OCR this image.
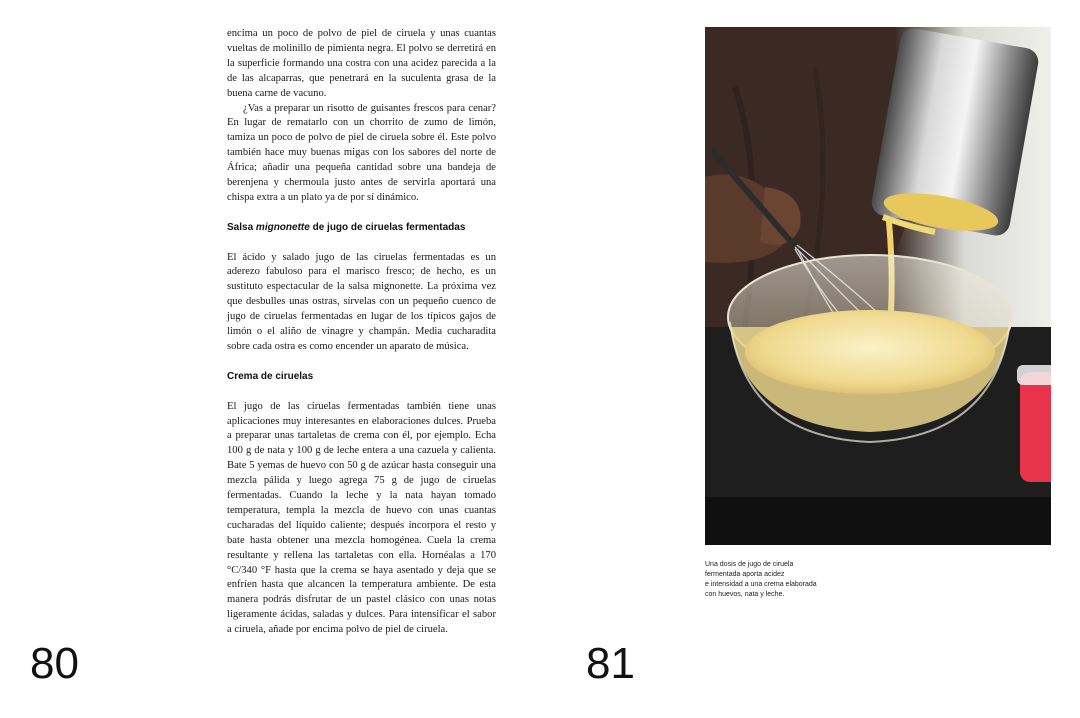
encima un poco de polvo de piel de ciruela y unas cuantas vueltas de molinillo de pimienta negra. El polvo se derretirá en la superficie formando una costra con una acidez parecida a la de las alcaparras, que penetrará en la suculenta grasa de la buena carne de vacuno.

¿Vas a preparar un risotto de guisantes frescos para cenar? En lugar de rematarlo con un chorrito de zumo de limón, tamiza un poco de polvo de piel de ciruela sobre él. Este polvo también hace muy buenas migas con los sabores del norte de África; añadir una pequeña cantidad sobre una bandeja de berenjena y chermoula justo antes de servirla aportará una chispa extra a un plato ya de por sí dinámico.

Salsa mignonette de jugo de ciruelas fermentadas

El ácido y salado jugo de las ciruelas fermentadas es un aderezo fabuloso para el marisco fresco; de hecho, es un sustituto espectacular de la salsa mignonette. La próxima vez que desbulles unas ostras, sírvelas con un pequeño cuenco de jugo de ciruelas fermentadas en lugar de los típicos gajos de limón o el aliño de vinagre y champán. Media cucharadita sobre cada ostra es como encender un aparato de música.

Crema de ciruelas

El jugo de las ciruelas fermentadas también tiene unas aplicaciones muy interesantes en elaboraciones dulces. Prueba a preparar unas tartaletas de crema con él, por ejemplo. Echa 100 g de nata y 100 g de leche entera a una cazuela y calienta. Bate 5 yemas de huevo con 50 g de azúcar hasta conseguir una mezcla pálida y luego agrega 75 g de jugo de ciruelas fermentadas. Cuando la leche y la nata hayan tomado temperatura, templa la mezcla de huevo con unas cuantas cucharadas del líquido caliente; después incorpora el resto y bate hasta obtener una mezcla homogénea. Cuela la crema resultante y rellena las tartaletas con ella. Hornéalas a 170 °C/340 °F hasta que la crema se haya asentado y deja que se enfríen hasta que alcancen la temperatura ambiente. De esta manera podrás disfrutar de un pastel clásico con unas notas ligeramente ácidas, saladas y dulces. Para intensificar el sabor a ciruela, añade por encima polvo de piel de ciruela.

80
Una dosis de jugo de ciruela
fermentada aporta acidez
e intensidad a una crema elaborada
con huevos, nata y leche.
81
